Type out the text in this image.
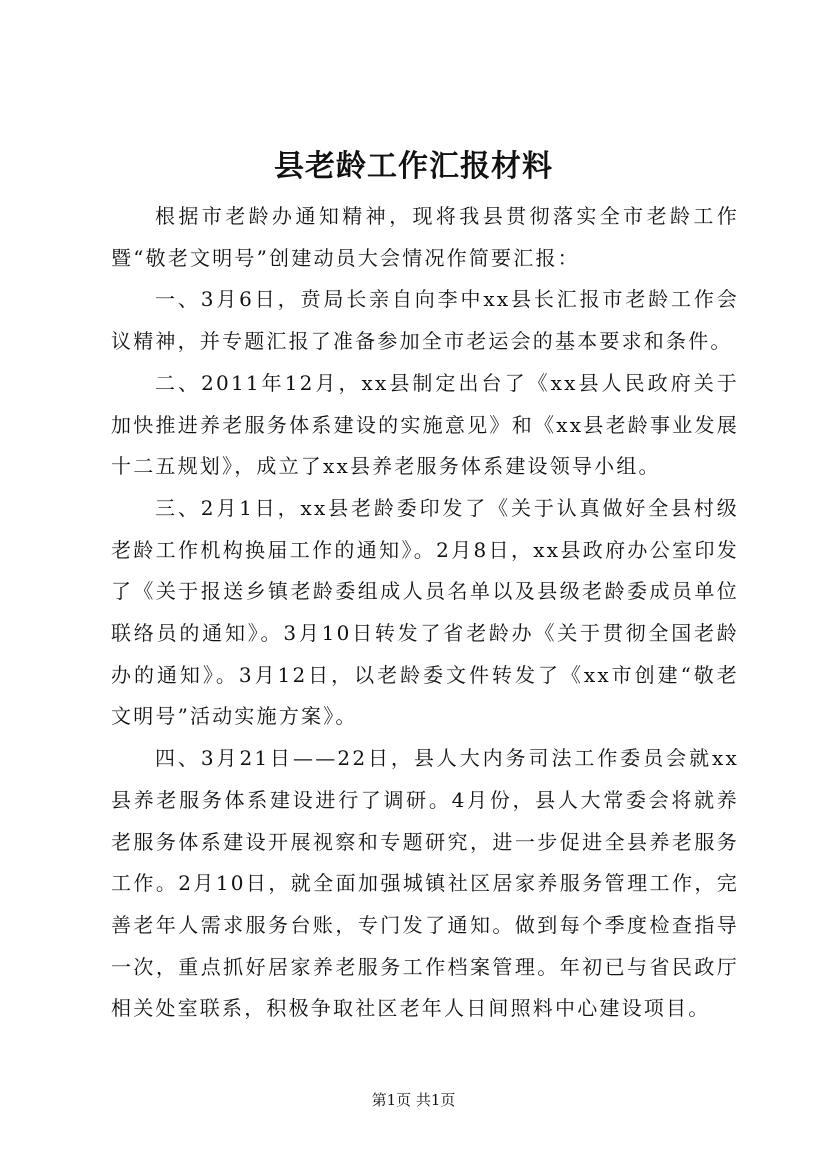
县老龄工作汇报材料

根据市老龄办通知精神，现将我县贯彻落实全市老龄工作暨“敬老文明号”创建动员大会情况作简要汇报：

一、3月6日，贲局长亲自向李中xx县长汇报市老龄工作会议精神，并专题汇报了准备参加全市老运会的基本要求和条件。

二、2011年12月，xx县制定出台了《xx县人民政府关于加快推进养老服务体系建设的实施意见》和《xx县老龄事业发展十二五规划》，成立了xx县养老服务体系建设领导小组。

三、2月1日，xx县老龄委印发了《关于认真做好全县村级老龄工作机构换届工作的通知》。2月8日，xx县政府办公室印发了《关于报送乡镇老龄委组成人员名单以及县级老龄委成员单位联络员的通知》。3月10日转发了省老龄办《关于贯彻全国老龄办的通知》。3月12日，以老龄委文件转发了《xx市创建“敬老文明号”活动实施方案》。

四、3月21日——22日，县人大内务司法工作委员会就xx县养老服务体系建设进行了调研。4月份，县人大常委会将就养老服务体系建设开展视察和专题研究，进一步促进全县养老服务工作。2月10日，就全面加强城镇社区居家养服务管理工作，完善老年人需求服务台账，专门发了通知。做到每个季度检查指导一次，重点抓好居家养老服务工作档案管理。年初已与省民政厅相关处室联系，积极争取社区老年人日间照料中心建设项目。

第1页 共1页
